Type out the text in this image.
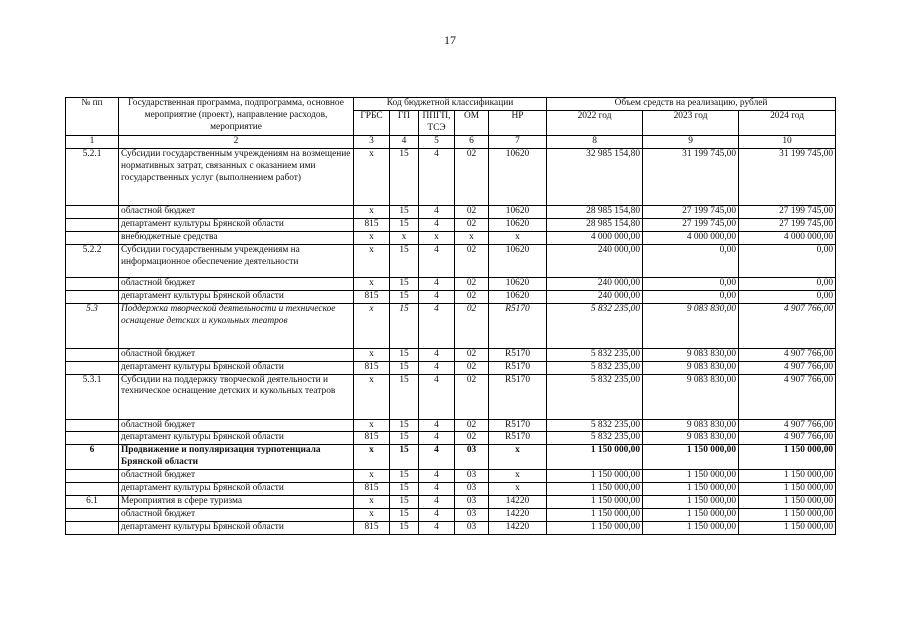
17
№ пп	Государственная программа, подпрограмма, основное мероприятие (проект), направление расходов, мероприятие	Код бюджетной классификации					Объем средств на реализацию, рублей		
		ГРБС	ГП	ППГП, ТСЭ	ОМ	НР	2022 год	2023 год	2024 год
1	2	3	4	5	6	7	8	9	10
5.2.1	Субсидии государственным учреждениям на возмещение нормативных затрат, связанных с оказанием ими государственных услуг (выполнением работ)	х	15	4	02	10620	32 985 154,80	31 199 745,00	31 199 745,00
	областной бюджет	х	15	4	02	10620	28 985 154,80	27 199 745,00	27 199 745,00
	департамент культуры Брянской области	815	15	4	02	10620	28 985 154,80	27 199 745,00	27 199 745,00
	внебюджетные средства	х	х	х	х	х	4 000 000,00	4 000 000,00	4 000 000,00
5.2.2	Субсидии государственным учреждениям на информационное обеспечение деятельности	х	15	4	02	10620	240 000,00	0,00	0,00
	областной бюджет	х	15	4	02	10620	240 000,00	0,00	0,00
	департамент культуры Брянской области	815	15	4	02	10620	240 000,00	0,00	0,00
5.3	Поддержка творческой деятельности и техническое оснащение детских и кукольных театров	х	15	4	02	R5170	5 832 235,00	9 083 830,00	4 907 766,00
	областной бюджет	х	15	4	02	R5170	5 832 235,00	9 083 830,00	4 907 766,00
	департамент культуры Брянской области	815	15	4	02	R5170	5 832 235,00	9 083 830,00	4 907 766,00
5.3.1	Субсидии на поддержку творческой деятельности и техническое оснащение детских и кукольных театров	х	15	4	02	R5170	5 832 235,00	9 083 830,00	4 907 766,00
	областной бюджет	х	15	4	02	R5170	5 832 235,00	9 083 830,00	4 907 766,00
	департамент культуры Брянской области	815	15	4	02	R5170	5 832 235,00	9 083 830,00	4 907 766,00
6	Продвижение и популяризация турпотенциала Брянской области	х	15	4	03	х	1 150 000,00	1 150 000,00	1 150 000,00
	областной бюджет	х	15	4	03	х	1 150 000,00	1 150 000,00	1 150 000,00
	департамент культуры Брянской области	815	15	4	03	х	1 150 000,00	1 150 000,00	1 150 000,00
6.1	Мероприятия в сфере туризма	х	15	4	03	14220	1 150 000,00	1 150 000,00	1 150 000,00
	областной бюджет	х	15	4	03	14220	1 150 000,00	1 150 000,00	1 150 000,00
	департамент культуры Брянской области	815	15	4	03	14220	1 150 000,00	1 150 000,00	1 150 000,00
